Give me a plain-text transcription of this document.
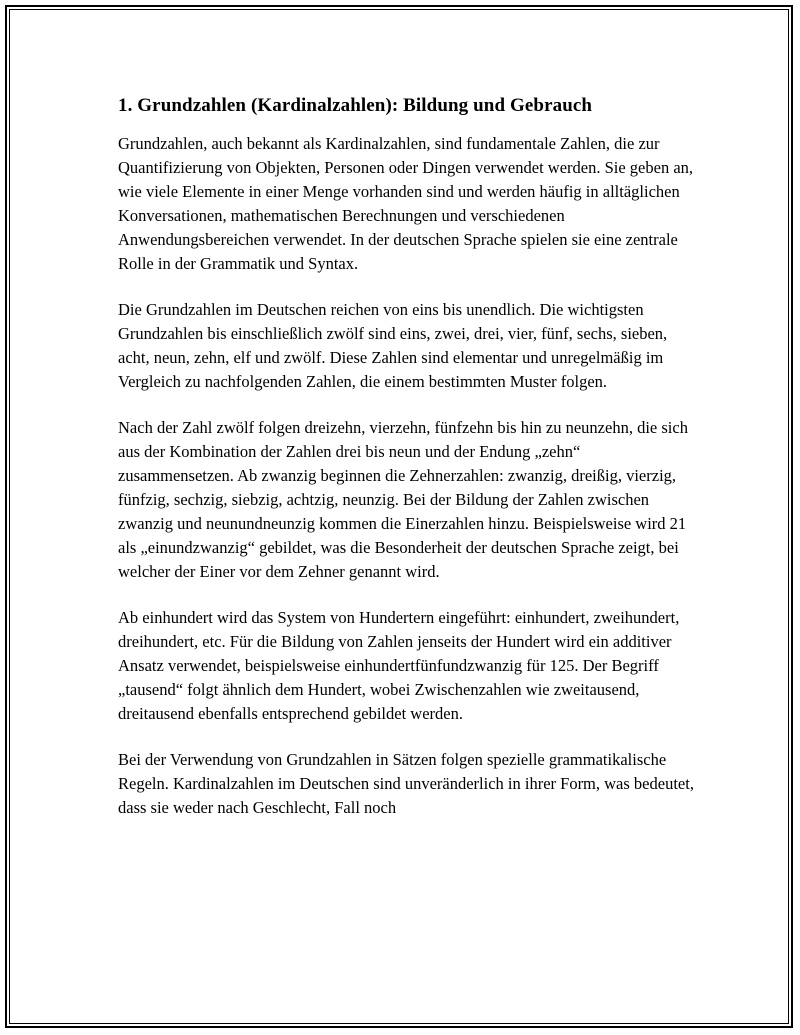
1. Grundzahlen (Kardinalzahlen): Bildung und Gebrauch

Grundzahlen, auch bekannt als Kardinalzahlen, sind fundamentale Zahlen, die zur Quantifizierung von Objekten, Personen oder Dingen verwendet werden. Sie geben an, wie viele Elemente in einer Menge vorhanden sind und werden häufig in alltäglichen Konversationen, mathematischen Berechnungen und verschiedenen Anwendungsbereichen verwendet. In der deutschen Sprache spielen sie eine zentrale Rolle in der Grammatik und Syntax.

Die Grundzahlen im Deutschen reichen von eins bis unendlich. Die wichtigsten Grundzahlen bis einschließlich zwölf sind eins, zwei, drei, vier, fünf, sechs, sieben, acht, neun, zehn, elf und zwölf. Diese Zahlen sind elementar und unregelmäßig im Vergleich zu nachfolgenden Zahlen, die einem bestimmten Muster folgen.

Nach der Zahl zwölf folgen dreizehn, vierzehn, fünfzehn bis hin zu neunzehn, die sich aus der Kombination der Zahlen drei bis neun und der Endung „zehn“ zusammensetzen. Ab zwanzig beginnen die Zehnerzahlen: zwanzig, dreißig, vierzig, fünfzig, sechzig, siebzig, achtzig, neunzig. Bei der Bildung der Zahlen zwischen zwanzig und neunundneunzig kommen die Einerzahlen hinzu. Beispielsweise wird 21 als „einundzwanzig“ gebildet, was die Besonderheit der deutschen Sprache zeigt, bei welcher der Einer vor dem Zehner genannt wird.

Ab einhundert wird das System von Hundertern eingeführt: einhundert, zweihundert, dreihundert, etc. Für die Bildung von Zahlen jenseits der Hundert wird ein additiver Ansatz verwendet, beispielsweise einhundertfünfundzwanzig für 125. Der Begriff „tausend“ folgt ähnlich dem Hundert, wobei Zwischenzahlen wie zweitausend, dreitausend ebenfalls entsprechend gebildet werden.

Bei der Verwendung von Grundzahlen in Sätzen folgen spezielle grammatikalische Regeln. Kardinalzahlen im Deutschen sind unveränderlich in ihrer Form, was bedeutet, dass sie weder nach Geschlecht, Fall noch
